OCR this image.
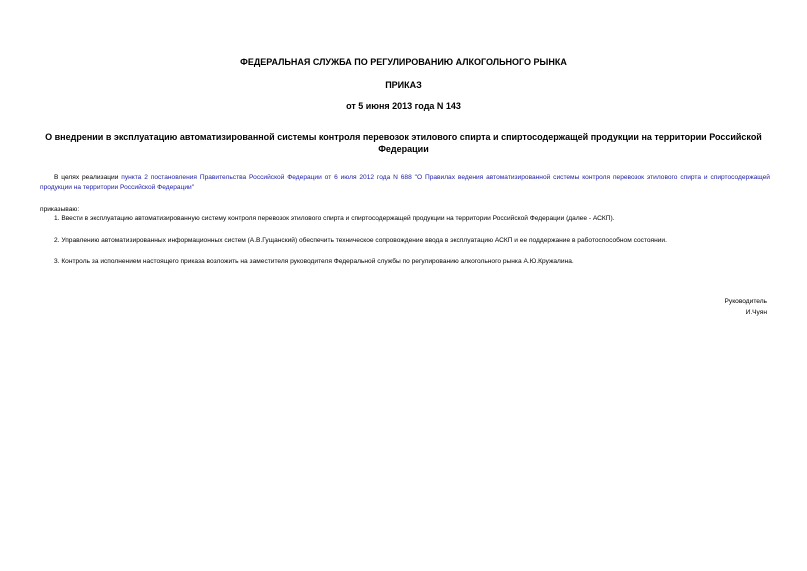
ФЕДЕРАЛЬНАЯ СЛУЖБА ПО РЕГУЛИРОВАНИЮ АЛКОГОЛЬНОГО РЫНКА
ПРИКАЗ
от 5 июня 2013 года N 143
О внедрении в эксплуатацию автоматизированной системы контроля перевозок этилового спирта и спиртосодержащей продукции на территории Российской Федерации
В целях реализации пункта 2 постановления Правительства Российской Федерации от 6 июля 2012 года N 688 "О Правилах ведения автоматизированной системы контроля перевозок этилового спирта и спиртосодержащей продукции на территории Российской Федерации"
приказываю:
1. Ввести в эксплуатацию автоматизированную систему контроля перевозок этилового спирта и спиртосодержащей продукции на территории Российской Федерации (далее - АСКП).
2. Управлению автоматизированных информационных систем (А.В.Гущанский) обеспечить техническое сопровождение ввода в эксплуатацию АСКП и ее поддержание в работоспособном состоянии.
3. Контроль за исполнением настоящего приказа возложить на заместителя руководителя Федеральной службы по регулированию алкогольного рынка А.Ю.Кружалина.
Руководитель
И.Чуян
